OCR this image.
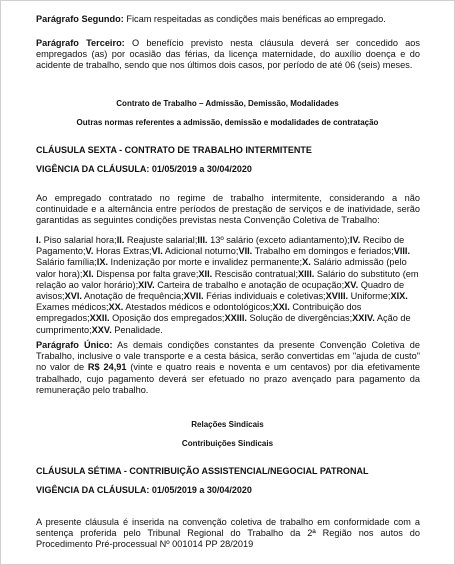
Parágrafo Segundo: Ficam respeitadas as condições mais benéficas ao empregado.

Parágrafo Terceiro: O benefício previsto nesta cláusula deverá ser concedido aos empregados (as) por ocasião das férias, da licença maternidade, do auxílio doença e do acidente de trabalho, sendo que nos últimos dois casos, por período de até 06 (seis) meses.

Contrato de Trabalho – Admissão, Demissão, Modalidades

Outras normas referentes a admissão, demissão e modalidades de contratação

CLÁUSULA SEXTA - CONTRATO DE TRABALHO INTERMITENTE

VIGÊNCIA DA CLÁUSULA: 01/05/2019 a 30/04/2020

Ao empregado contratado no regime de trabalho intermitente, considerando a não continuidade e a alternância entre períodos de prestação de serviços e de inatividade, serão garantidas as seguintes condições previstas nesta Convenção Coletiva de Trabalho:

I. Piso salarial hora;II. Reajuste salarial;III. 13º salário (exceto adiantamento);IV. Recibo de Pagamento;V. Horas Extras;VI. Adicional noturno;VII. Trabalho em domingos e feriados;VIII. Salário família;IX. Indenização por morte e invalidez permanente;X. Salário admissão (pelo valor hora);XI. Dispensa por falta grave;XII. Rescisão contratual;XIII. Salário do substituto (em relação ao valor horário);XIV. Carteira de trabalho e anotação de ocupação;XV. Quadro de avisos;XVI. Anotação de frequência;XVII. Férias individuais e coletivas;XVIII. Uniforme;XIX. Exames médicos;XX. Atestados médicos e odontológicos;XXI. Contribuição dos empregados;XXII. Oposição dos empregados;XXIII. Solução de divergências;XXIV. Ação de cumprimento;XXV. Penalidade.

Parágrafo Único: As demais condições constantes da presente Convenção Coletiva de Trabalho, inclusive o vale transporte e a cesta básica, serão convertidas em "ajuda de custo" no valor de R$ 24,91 (vinte e quatro reais e noventa e um centavos) por dia efetivamente trabalhado, cujo pagamento deverá ser efetuado no prazo avençado para pagamento da remuneração pelo trabalho.

Relações Sindicais

Contribuições Sindicais

CLÁUSULA SÉTIMA - CONTRIBUIÇÃO ASSISTENCIAL/NEGOCIAL PATRONAL

VIGÊNCIA DA CLÁUSULA: 01/05/2019 a 30/04/2020

A presente cláusula é inserida na convenção coletiva de trabalho em conformidade com a sentença proferida pelo Tribunal Regional do Trabalho da 2ª Região nos autos do Procedimento Pré-processual Nº 001014 PP 28/2019
